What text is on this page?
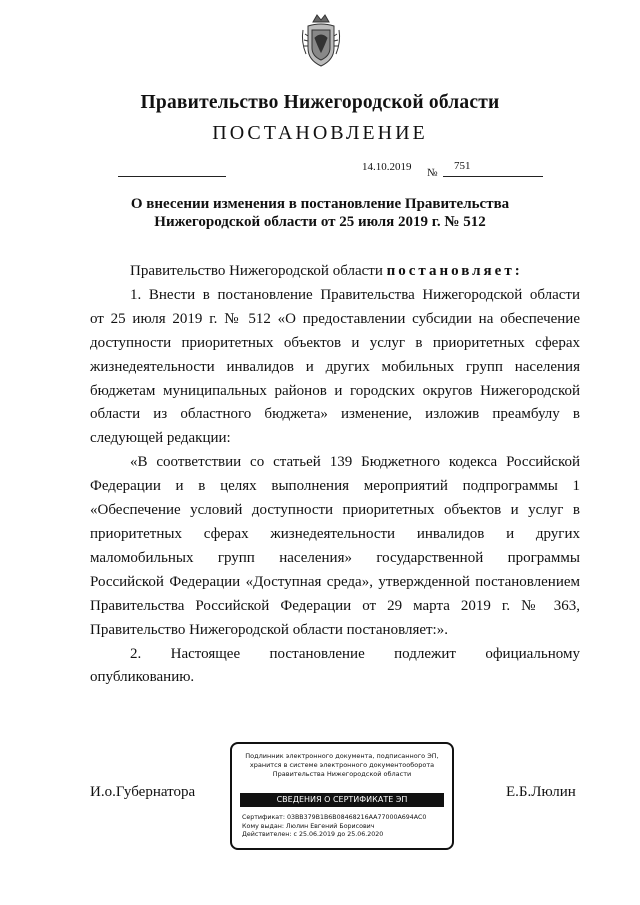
Правительство Нижегородской области
ПОСТАНОВЛЕНИЕ
14.10.2019 №
751
О внесении изменения в постановление Правительства
Нижегородской области от 25 июля 2019 г. № 512

Правительство Нижегородской области постановляет:

1. Внести в постановление Правительства Нижегородской области
от 25 июля 2019 г. № 512 «О предоставлении субсидии на обеспечение
доступности приоритетных объектов и услуг в приоритетных сферах
жизнедеятельности инвалидов и других мобильных групп населения
бюджетам муниципальных районов и городских округов Нижегородской
области из областного бюджета» изменение, изложив преамбулу в
следующей редакции:
«В соответствии со статьей 139 Бюджетного кодекса Российской
Федерации и в целях выполнения мероприятий подпрограммы 1
«Обеспечение условий доступности приоритетных объектов и услуг в
приоритетных сферах жизнедеятельности инвалидов и других
маломобильных групп населения» государственной программы
Российской Федерации «Доступная среда», утвержденной постановлением
Правительства Российской Федерации от 29 марта 2019 г. № 363,
Правительство Нижегородской области постановляет:».
2. Настоящее постановление подлежит официальному
опубликованию.
И.о.Губернатора
Подлинник электронного документа, подписанного ЭП,
хранится в системе электронного документооборота
Правительства Нижегородской области
СВЕДЕНИЯ О СЕРТИФИКАТЕ ЭП
Сертификат: 03BB379B1B6B08468216AA77000A694AC0
Кому выдан: Люлин Евгений Борисович
Действителен: с 25.06.2019 до 25.06.2020
Е.Б.Люлин
